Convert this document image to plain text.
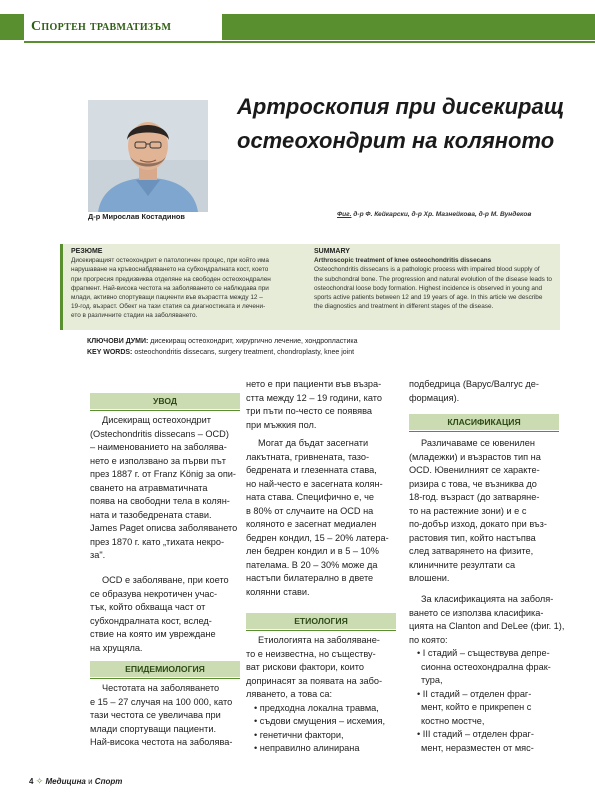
Спортен травматизъм
Д-р Мирослав Костадинов
Артроскопия при дисекиращ
остеохондрит на коляното
Фиг. д-р Ф. Кейкарски, д-р Хр. Мазнейкова, д-р М. Вундеков
РЕЗЮМЕ
Дисекиращият остеохондрит е патологичен процес, при който има
нарушаване на кръвоснабдяването на субхондралната кост, което
при прогресия предизвиква отделяне на свободен остеохондрален
фрагмент. Най-висока честота на заболяването се наблюдава при
млади, активно спортуващи пациенти във възрастта между 12 –
19-год. възраст. Обект на тази статия са диагностиката и лечени-
ето в различните стадии на заболяването.
SUMMARY
Arthroscopic treatment of knee osteochondritis dissecans
Osteochondritis dissecans is a pathologic process with impaired blood supply of
the subchondral bone. The progression and natural evolution of the disease leads to
osteochondral loose body formation. Highest incidence is observed in young and
sports active patients between 12 and 19 years of age. In this article we describe
the diagnostics and treatment in different stages of the disease.
КЛЮЧОВИ ДУМИ: дисекиращ остеохондрит, хирургично лечение, хондропластика
KEY WORDS: osteochondritis dissecans, surgery treatment, chondroplasty, knee joint
УВОД
Дисекиращ остеохондрит
(Ostechondritis dissecans – OCD)
– наименованието на заболява-
нето е използвано за първи път
през 1887 г. от Franz König за опи-
сването на атравматичната
поява на свободни тела в колян-
ната и тазобедрената стави.
James Paget описва заболяването
през 1870 г. като „тихата некро-
за".
OCD е заболяване, при което
се образува некротичен учас-
тък, който обхваща част от
субхондралната кост, вслед-
ствие на която им увреждане
на хрущяла.
ЕПИДЕМИОЛОГИЯ
Честотата на заболяването
е 15 – 27 случая на 100 000, като
тази честота се увеличава при
млади спортуващи пациенти.
Най-висока честота на заболява-
нето е при пациенти във възра-
стта между 12 – 19 години, като
три пъти по-често се появява
при мъжкия пол.
Могат да бъдат засегнати
лакътната, гривнената, тазо-
бедрената и глезенната става,
но най-често е засегната колян-
ната става. Специфично е, че
в 80% от случаите на OCD на
коляното е засегнат медиален
бедрен кондил, 15 – 20% латера-
лен бедрен кондил и в 5 – 10%
пателама. В 20 – 30% може да
настъпи билатерално в двете
колянни стави.
ЕТИОЛОГИЯ
Етиологията на заболяване-
то е неизвестна, но съществу-
ват рискови фактори, които
допринасят за появата на забо-
ляването, а това са:
• предходна локална травма,
• съдови смущения – исхемия,
• генетични фактори,
• неправилно алиниранa
подбедрица (Варус/Валгус де-
формация).
КЛАСИФИКАЦИЯ
Различаваме се ювенилен
(младежки) и възрастов тип на
OCD. Ювенилният се характе-
ризира с това, че възниква до
18-год. възраст (до затваряне-
то на растежние зони) и е с
по-добър изход, докато при въз-
растовия тип, който настъпва
след затварянето на физите,
клиничните резултати са
влошени.
За класификацията на заболя-
ването се използва класифика-
цията на Clanton and DeLee (фиг. 1),
по която:
• I стадий – съществува депре-
сионна остеохондрална фрак-
тура,
• II стадий – отделен фраг-
мент, който е прикрепен с
костно мостче,
• III стадий – отделен фраг-
мент, неразместен от мяс-
4 ✧ Медицина и Спорт
